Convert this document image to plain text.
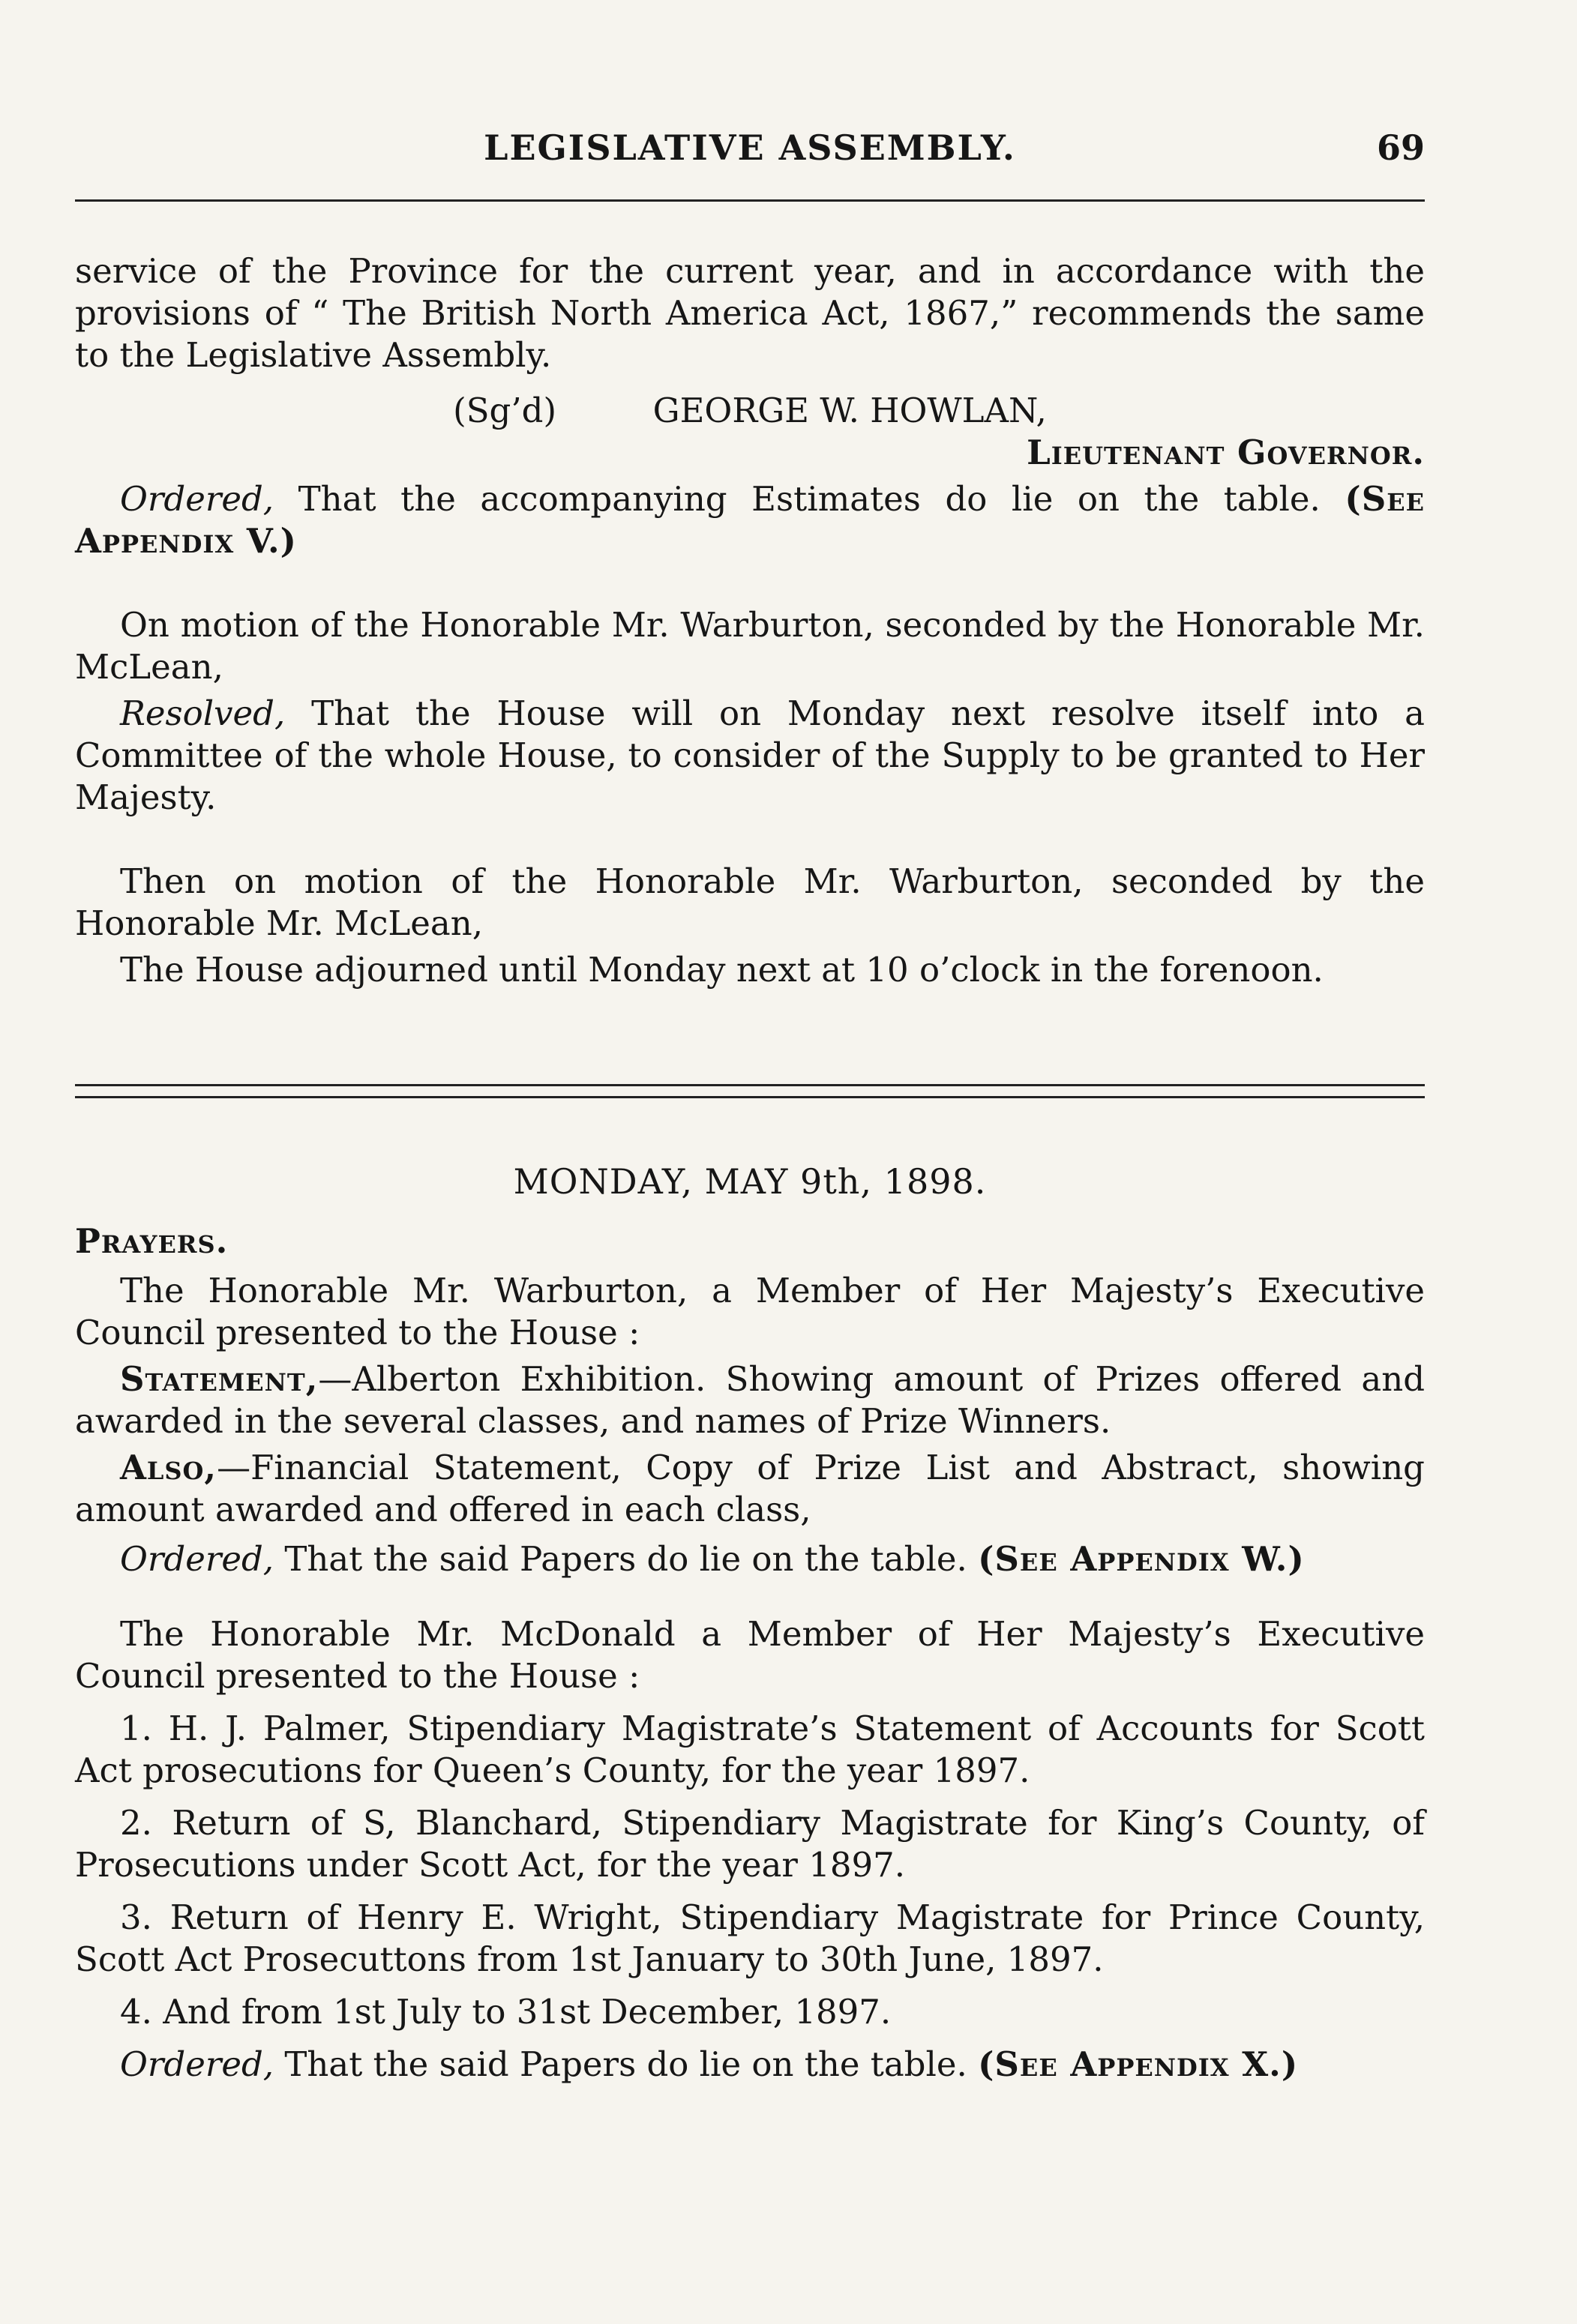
LEGISLATIVE ASSEMBLY.	69

service of the Province for the current year, and in accordance with the provisions of “ The British North America Act, 1867,” recommends the same to the Legislative Assembly.

(Sg’d)	GEORGE W. HOWLAN,
Lieutenant Governor.

Ordered, That the accompanying Estimates do lie on the table. (See Appendix V.)

On motion of the Honorable Mr. Warburton, seconded by the Honorable Mr. McLean,

Resolved, That the House will on Monday next resolve itself into a Committee of the whole House, to consider of the Supply to be granted to Her Majesty.

Then on motion of the Honorable Mr. Warburton, seconded by the Honorable Mr. McLean,

The House adjourned until Monday next at 10 o’clock in the forenoon.

MONDAY, MAY 9th, 1898.
Prayers.

The Honorable Mr. Warburton, a Member of Her Majesty’s Executive Council presented to the House :

Statement,—Alberton Exhibition. Showing amount of Prizes offered and awarded in the several classes, and names of Prize Winners.

Also,—Financial Statement, Copy of Prize List and Abstract, showing amount awarded and offered in each class,

Ordered, That the said Papers do lie on the table. (See Appendix W.)

The Honorable Mr. McDonald a Member of Her Majesty’s Executive Council presented to the House :

1. H. J. Palmer, Stipendiary Magistrate’s Statement of Accounts for Scott Act prosecutions for Queen’s County, for the year 1897.

2. Return of S, Blanchard, Stipendiary Magistrate for King’s County, of Prosecutions under Scott Act, for the year 1897.

3. Return of Henry E. Wright, Stipendiary Magistrate for Prince County, Scott Act Prosecuttons from 1st January to 30th June, 1897.

4. And from 1st July to 31st December, 1897.

Ordered, That the said Papers do lie on the table. (See Appendix X.)
